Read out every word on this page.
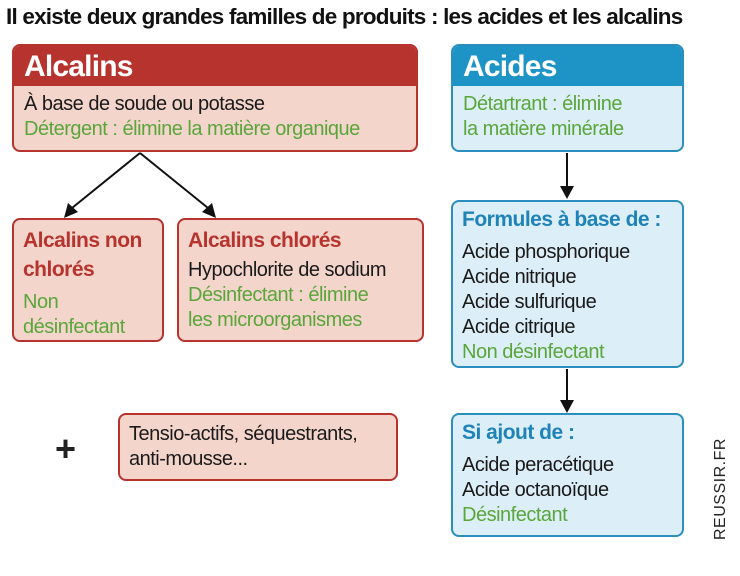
Il existe deux grandes familles de produits : les acides et les alcalins
Alcalins
À base de soude ou potasse
Détergent : élimine la matière organique
Acides
Détartrant : élimine
la matière minérale
Alcalins non
chlorés
Non
désinfectant
Alcalins chlorés
Hypochlorite de sodium
Désinfectant : élimine
les microorganismes
Formules à base de :
Acide phosphorique
Acide nitrique
Acide sulfurique
Acide citrique
Non désinfectant
+	Tensio-actifs, séquestrants,
anti-mousse...
Si ajout de :
Acide peracétique
Acide octanoïque
Désinfectant	REUSSIR.FR
